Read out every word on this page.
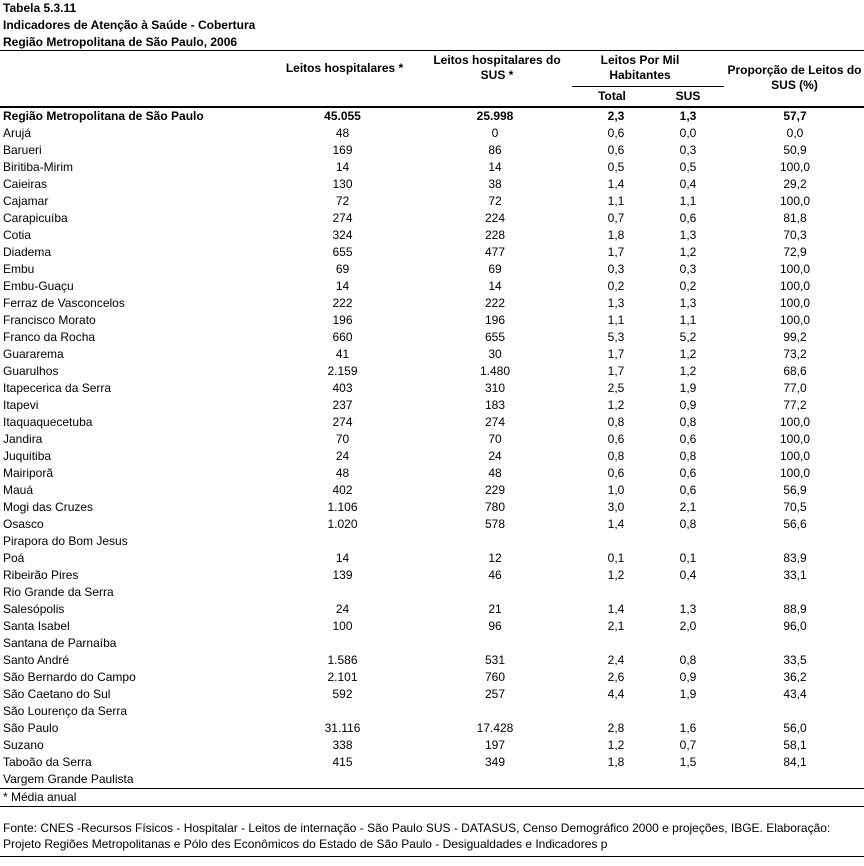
Tabela 5.3.11
Indicadores de Atenção à Saúde - Cobertura
Região Metropolitana de São Paulo, 2006
Leitos hospitalares *
Leitos hospitalares do SUS *
Leitos Por Mil Habitantes
Total	SUS
Proporção de Leitos do SUS (%)
Região Metropolitana de São Paulo	45.055	25.998	2,3	1,3	57,7
Arujá	48	0	0,6	0,0	0,0
Barueri	169	86	0,6	0,3	50,9
Biritiba-Mirim	14	14	0,5	0,5	100,0
Caieiras	130	38	1,4	0,4	29,2
Cajamar	72	72	1,1	1,1	100,0
Carapicuíba	274	224	0,7	0,6	81,8
Cotia	324	228	1,8	1,3	70,3
Diadema	655	477	1,7	1,2	72,9
Embu	69	69	0,3	0,3	100,0
Embu-Guaçu	14	14	0,2	0,2	100,0
Ferraz de Vasconcelos	222	222	1,3	1,3	100,0
Francisco Morato	196	196	1,1	1,1	100,0
Franco da Rocha	660	655	5,3	5,2	99,2
Guararema	41	30	1,7	1,2	73,2
Guarulhos	2.159	1.480	1,7	1,2	68,6
Itapecerica da Serra	403	310	2,5	1,9	77,0
Itapevi	237	183	1,2	0,9	77,2
Itaquaquecetuba	274	274	0,8	0,8	100,0
Jandira	70	70	0,6	0,6	100,0
Juquitiba	24	24	0,8	0,8	100,0
Mairiporã	48	48	0,6	0,6	100,0
Mauá	402	229	1,0	0,6	56,9
Mogi das Cruzes	1.106	780	3,0	2,1	70,5
Osasco	1.020	578	1,4	0,8	56,6
Pirapora do Bom Jesus
Poá	14	12	0,1	0,1	83,9
Ribeirão Pires	139	46	1,2	0,4	33,1
Rio Grande da Serra
Salesópolis	24	21	1,4	1,3	88,9
Santa Isabel	100	96	2,1	2,0	96,0
Santana de Parnaíba
Santo André	1.586	531	2,4	0,8	33,5
São Bernardo do Campo	2.101	760	2,6	0,9	36,2
São Caetano do Sul	592	257	4,4	1,9	43,4
São Lourenço da Serra
São Paulo	31.116	17.428	2,8	1,6	56,0
Suzano	338	197	1,2	0,7	58,1
Taboão da Serra	415	349	1,8	1,5	84,1
Vargem Grande Paulista
* Média anual
Fonte: CNES -Recursos Físicos - Hospitalar - Leitos de internação - São Paulo SUS - DATASUS, Censo Demográfico 2000 e projeções, IBGE. Elaboração:
Projeto Regiões Metropolitanas e Pólo des Econômicos do Estado de São Paulo - Desigualdades e Indicadores p
